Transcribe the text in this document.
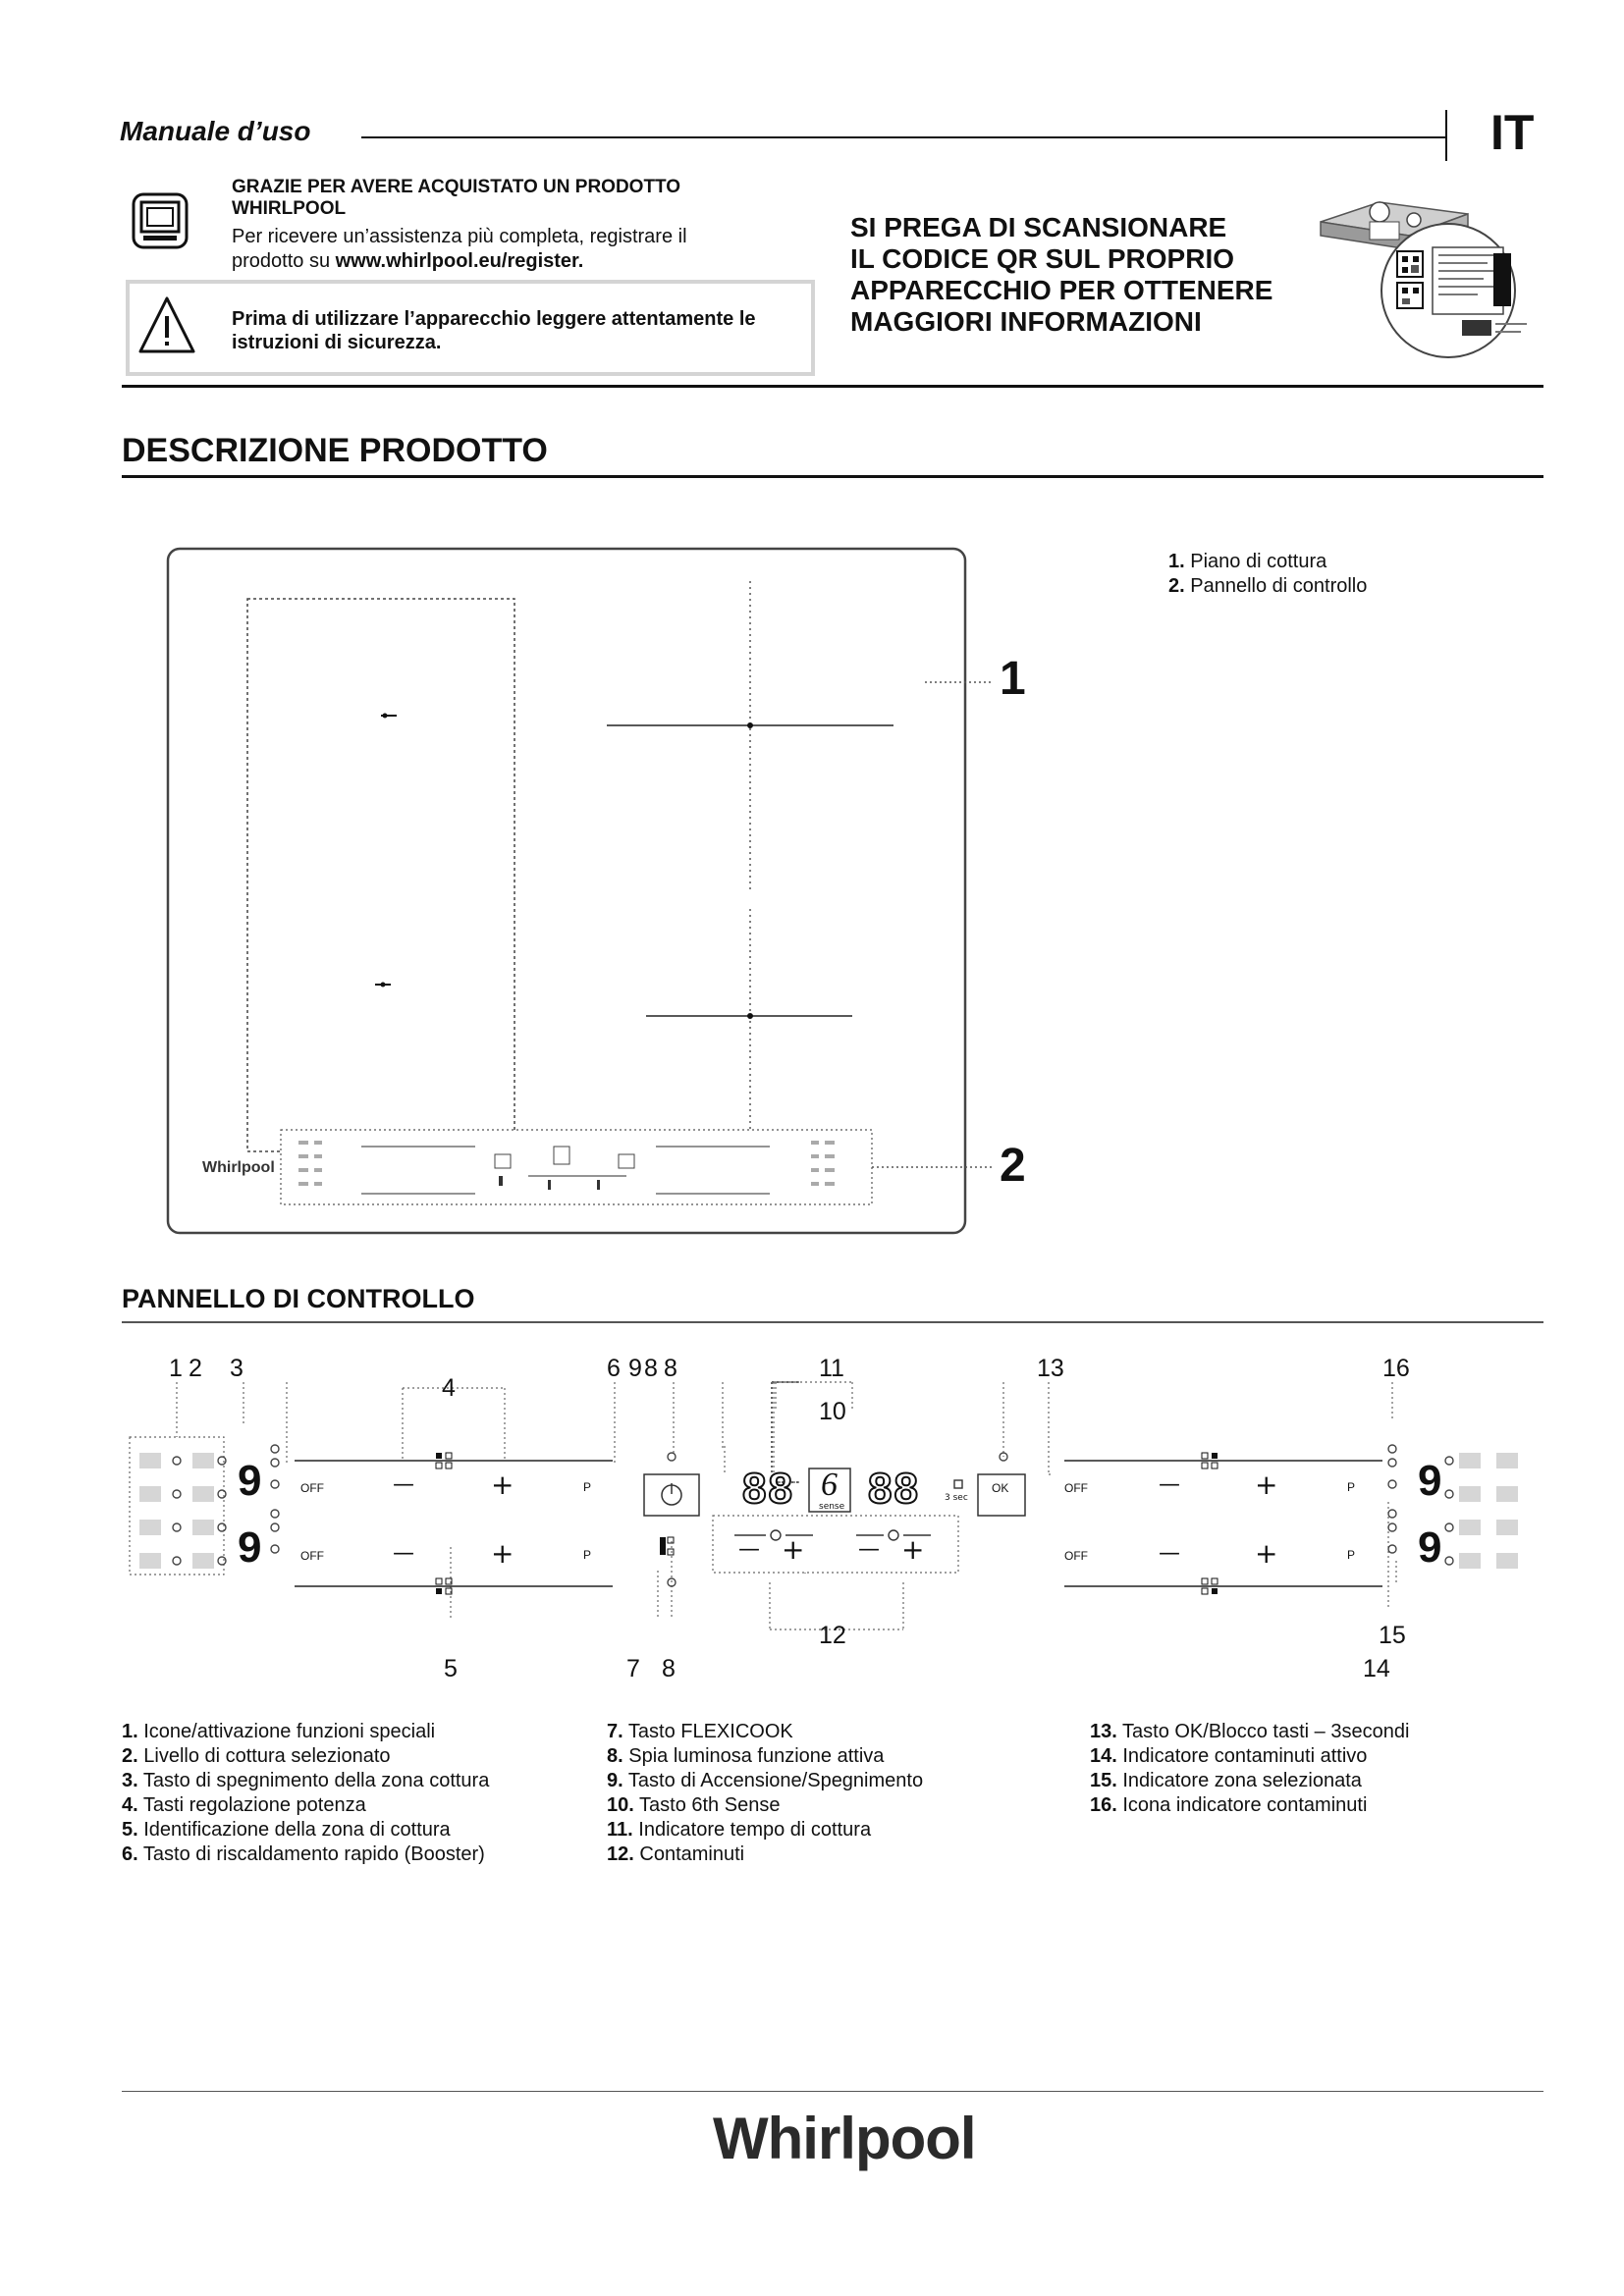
Manuale d’uso	IT
GRAZIE PER AVERE ACQUISTATO UN PRODOTTO WHIRLPOOL
Per ricevere un’assistenza più completa, registrare il
prodotto su www.whirlpool.eu/register.
Prima di utilizzare l’apparecchio leggere attentamente le istruzioni di sicurezza.
SI PREGA DI SCANSIONARE
IL CODICE QR SUL PROPRIO
APPARECCHIO PER OTTENERE
MAGGIORI INFORMAZIONI
DESCRIZIONE PRODOTTO
Whirlpool
1
2
1. Piano di cottura
2. Pannello di controllo
PANNELLO DI CONTROLLO
1 2 3
4
6 9 8 8	11
10
13	16
5	7 8
12	15
14
9
9
9
9
OFF
OFF
OFF
OFF
—
—
—
—
+
+
+
+
P
P
P
P
88 88
6
sense
3 sec
OK
— + — +
1. Icone/attivazione funzioni speciali
2. Livello di cottura selezionato
3. Tasto di spegnimento della zona cottura
4. Tasti regolazione potenza
5. Identificazione della zona di cottura
6. Tasto di riscaldamento rapido (Booster)
7. Tasto FLEXICOOK
8. Spia luminosa funzione attiva
9. Tasto di Accensione/Spegnimento
10. Tasto 6th Sense
11. Indicatore tempo di cottura
12. Contaminuti
13. Tasto OK/Blocco tasti – 3secondi
14. Indicatore contaminuti attivo
15. Indicatore zona selezionata
16. Icona indicatore contaminuti
Whirlpool
